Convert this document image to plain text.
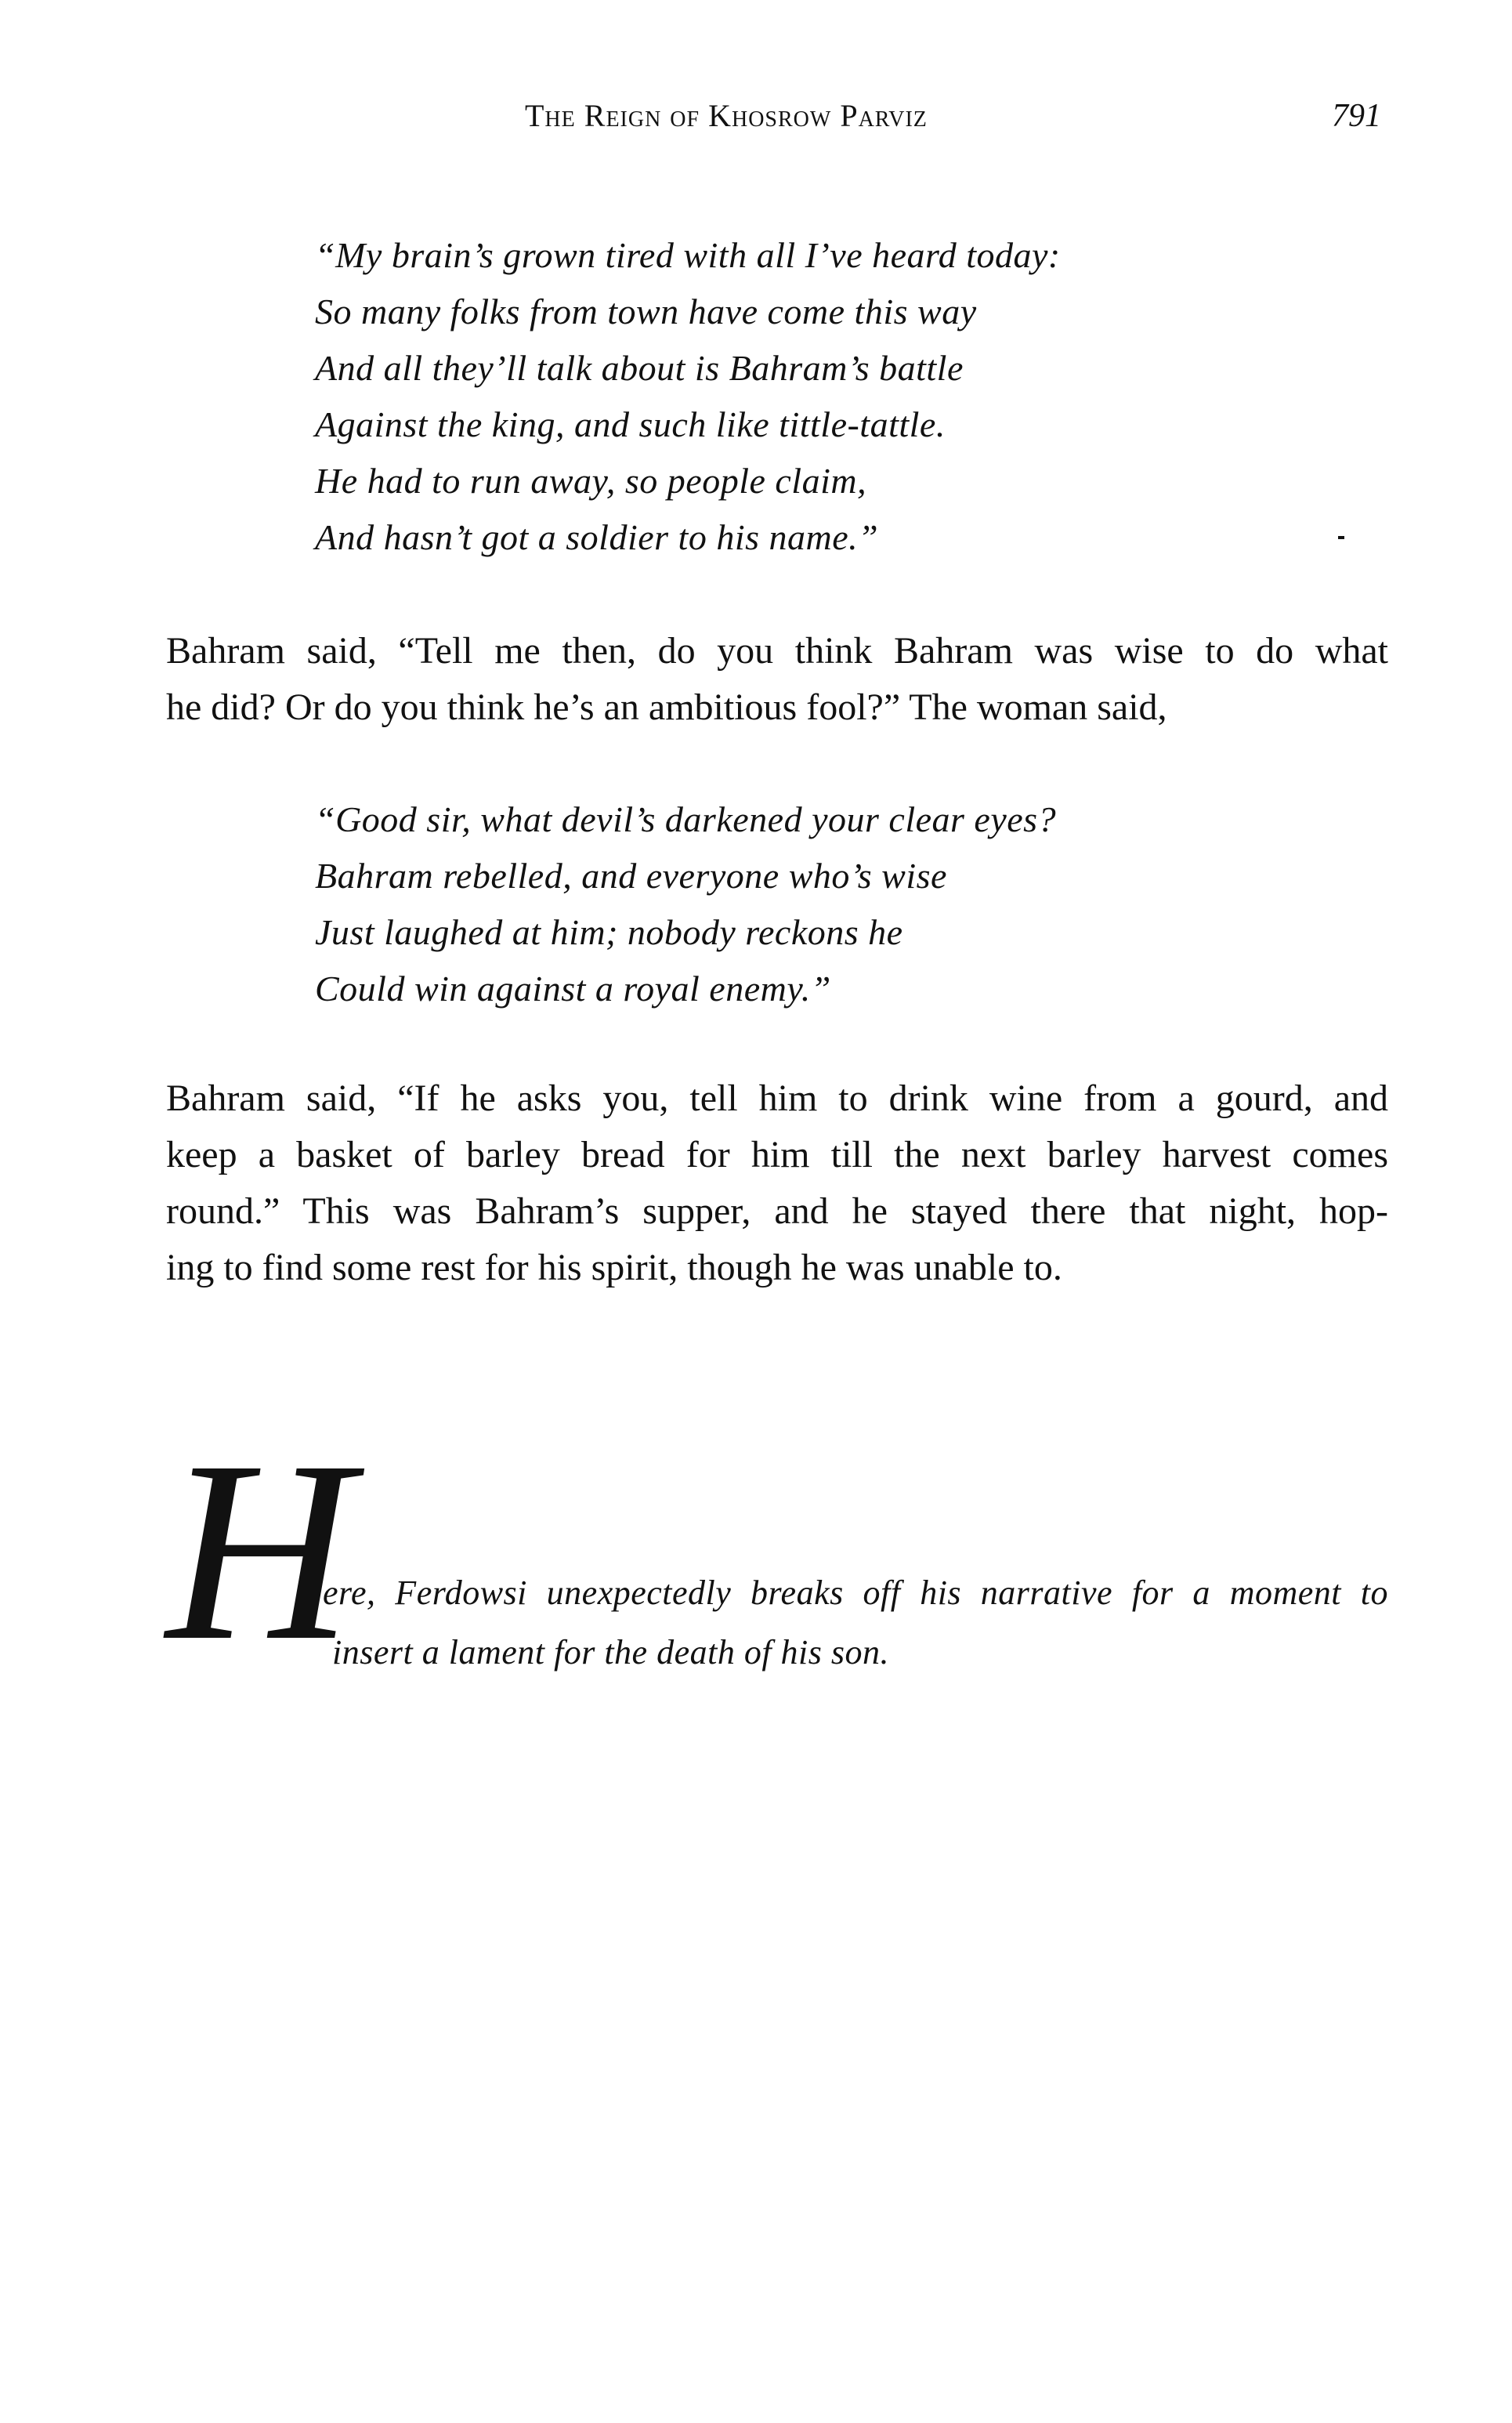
The Reign of Khosrow Parviz	791
“My brain’s grown tired with all I’ve heard today:
So many folks from town have come this way
And all they’ll talk about is Bahram’s battle
Against the king, and such like tittle-tattle.
He had to run away, so people claim,
And hasn’t got a soldier to his name.”
Bahram said, “Tell me then, do you think Bahram was wise to do what
he did? Or do you think he’s an ambitious fool?” The woman said,
“Good sir, what devil’s darkened your clear eyes?
Bahram rebelled, and everyone who’s wise
Just laughed at him; nobody reckons he
Could win against a royal enemy.”
Bahram said, “If he asks you, tell him to drink wine from a gourd, and
keep a basket of barley bread for him till the next barley harvest comes
round.” This was Bahram’s supper, and he stayed there that night, hop-
ing to find some rest for his spirit, though he was unable to.
H
ere, Ferdowsi unexpectedly breaks off his narrative for a moment to
insert a lament for the death of his son.
